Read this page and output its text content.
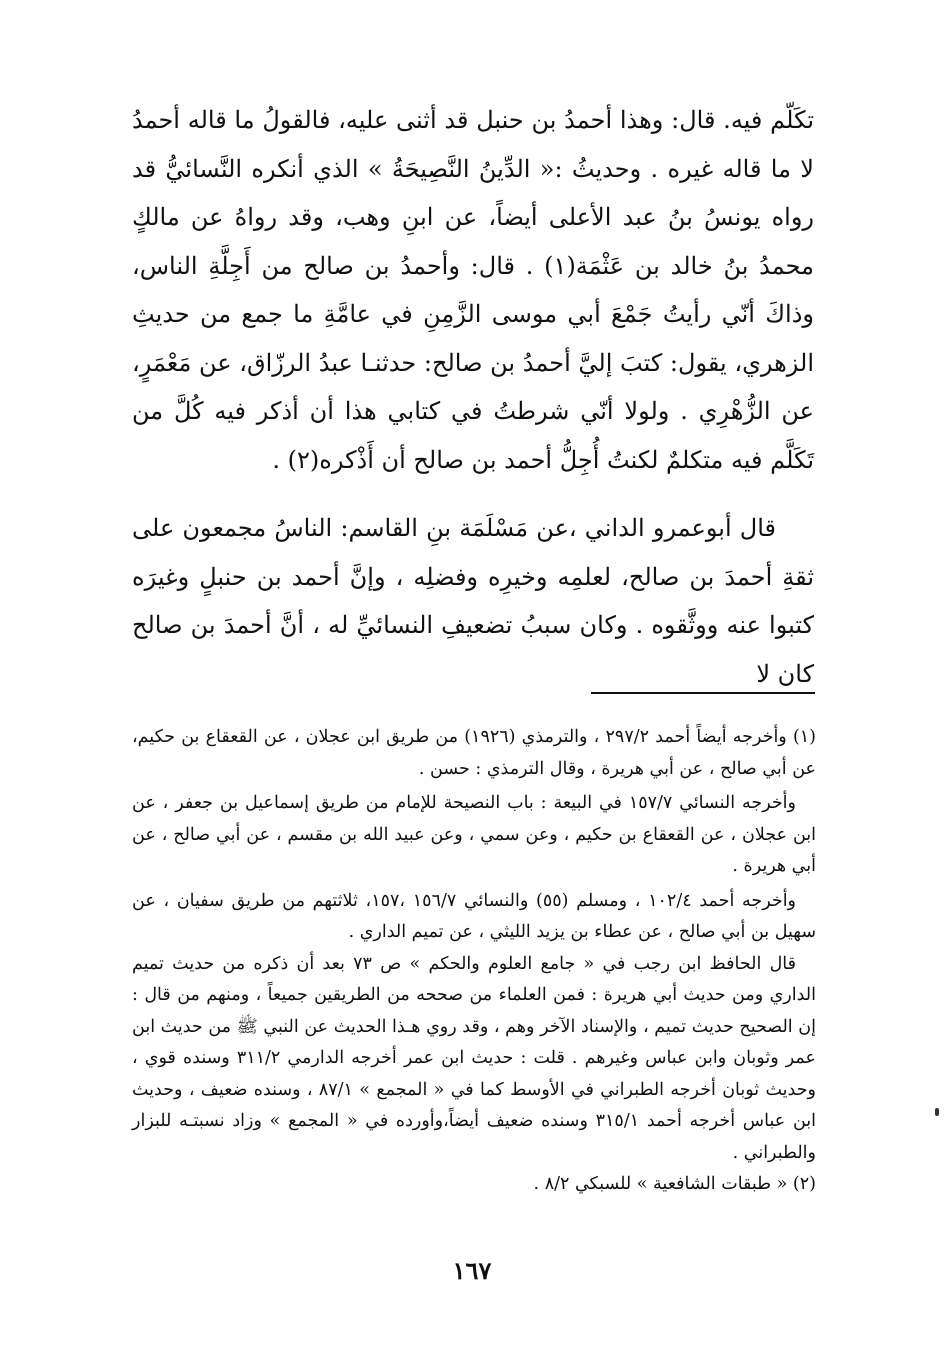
تكَلّم فيه. قال: وهذا أحمدُ بن حنبل قد أثنى عليه، فالقولُ ما قاله أحمدُ لا ما قاله غيره . وحديثُ :« الدِّينُ النَّصِيحَةُ » الذي أنكره النَّسائيُّ قد رواه يونسُ بنُ عبد الأعلى أيضاً، عن ابنِ وهب، وقد رواهُ عن مالكٍ محمدُ بنُ خالد بن عَثْمَة(١) . قال: وأحمدُ بن صالح من أَجِلَّةِ الناس، وذاكَ أنّي رأيتُ جَمْعَ أبي موسى الزَّمِنِ في عامَّةِ ما جمع من حديثِ الزهري، يقول: كتبَ إليَّ أحمدُ بن صالح: حدثنـا عبدُ الرزّاق، عن مَعْمَرٍ، عن الزُّهْرِي . ولولا أنّي شرطتُ في كتابي هذا أن أذكر فيه كُلَّ من تَكَلَّم فيه متكلمٌ لكنتُ أُجِلُّ أحمد بن صالح أن أَذْكره(٢) .

قال أبوعمرو الداني ،عن مَسْلَمَة بنِ القاسم: الناسُ مجمعون على ثقةِ أحمدَ بن صالح، لعلمِه وخيرِه وفضلِه ، وإنَّ أحمد بن حنبلٍ وغيرَه كتبوا عنه ووثَّقوه . وكان سببُ تضعيفِ النسائيِّ له ، أنَّ أحمدَ بن صالح كان لا

(١) وأخرجه أيضاً أحمد ٢٩٧/٢ ، والترمذي (١٩٢٦) من طريق ابن عجلان ، عن القعقاع بن حكيم، عن أبي صالح ، عن أبي هريرة ، وقال الترمذي : حسن .

وأخرجه النسائي ١٥٧/٧ في البيعة : باب النصيحة للإمام من طريق إسماعيل بن جعفر ، عن ابن عجلان ، عن القعقاع بن حكيم ، وعن سمي ، وعن عبيد الله بن مقسم ، عن أبي صالح ، عن أبي هريرة .

وأخرجه أحمد ١٠٢/٤ ، ومسلم (٥٥) والنسائي ١٥٦/٧ ،١٥٧، ثلاثتهم من طريق سفيان ، عن سهيل بن أبي صالح ، عن عطاء بن يزيد الليثي ، عن تميم الداري .

قال الحافظ ابن رجب في « جامع العلوم والحكم » ص ٧٣ بعد أن ذكره من حديث تميم الداري ومن حديث أبي هريرة : فمن العلماء من صححه من الطريقين جميعاً ، ومنهم من قال : إن الصحيح حديث تميم ، والإسناد الآخر وهم ، وقد روي هـذا الحديث عن النبي ﷺ من حديث ابن عمر وثوبان وابن عباس وغيرهم . قلت : حديث ابن عمر أخرجه الدارمي ٣١١/٢ وسنده قوي ، وحديث ثوبان أخرجه الطبراني في الأوسط كما في « المجمع » ٨٧/١ ، وسنده ضعيف ، وحديث ابن عباس أخرجه أحمد ٣١٥/١ وسنده ضعيف أيضاً،وأورده في « المجمع » وزاد نسبتـه للبزار والطبراني .

(٢) « طبقات الشافعية » للسبكي ٨/٢ .

١٦٧
